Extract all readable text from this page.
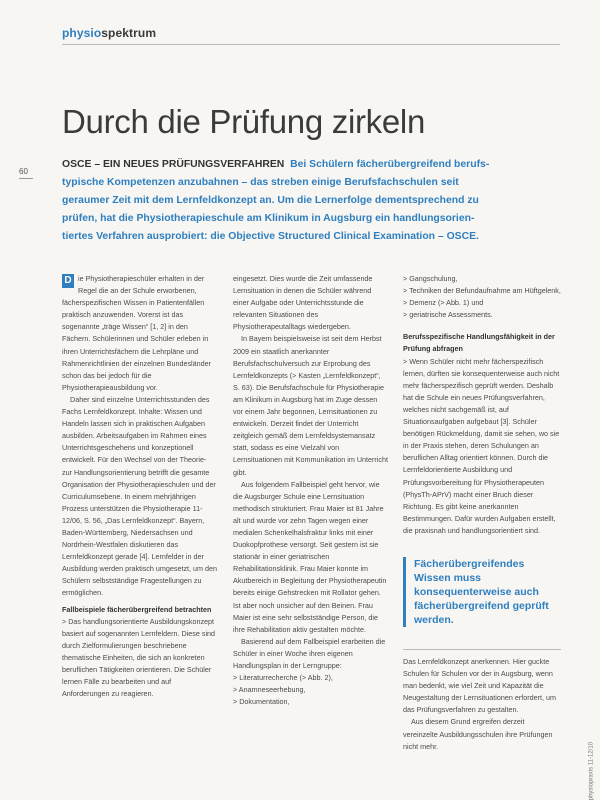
physiospektrum
60
Durch die Prüfung zirkeln
OSCE – EIN NEUES PRÜFUNGSVERFAHREN Bei Schülern fächerübergreifend berufstypische Kompetenzen anzubahnen – das streben einige Berufsfachschulen seit geraumer Zeit mit dem Lernfeldkonzept an. Um die Lernerfolge dementsprechend zu prüfen, hat die Physiotherapieschule am Klinikum in Augsburg ein handlungsorientiertes Verfahren ausprobiert: die Objective Structured Clinical Examination – OSCE.

D ie Physiotherapieschüler erhalten in der Regel die an der Schule erworbenen, fächerspezifischen Wissen in Patientenfällen praktisch anzuwenden. Vorerst ist das sogenannte „träge Wissen“ [1, 2] in den Fächern. Schülerinnen und Schüler erleben in ihren Unterrichtsfächern die Lehrpläne und Rahmenrichtlinien der einzelnen Bundesländer schon das bei jedoch für die Physiotherapieausbildung vor.

Daher sind einzelne Unterrichtsstunden des Fachs Lernfeldkonzept. Inhalte: Wissen und Handeln lassen sich in praktischen Aufgaben ausbilden. Arbeitsaufgaben im Rahmen eines Unterrichtsgeschehens und konzeptionell entwickelt. Für den Wechsel von der Theorie- zur Handlungsorientierung betrifft die gesamte Organisation der Physiotherapieschulen und der Curriculumsebene. In einem mehrjährigen Prozess unterstützen die Physiotherapie 11-12/06, S. 56, „Das Lernfeldkonzept“. Bayern, Baden-Württemberg, Niedersachsen und Nordrhein-Westfalen diskutieren das Lernfeldkonzept gerade [4]. Lernfelder in der Ausbildung werden praktisch umgesetzt, um den Schülern selbstständige Fragestellungen zu ermöglichen.

Fallbeispiele fächerübergreifend betrachten

> Das handlungsorientierte Ausbildungskonzept basiert auf sogenannten Lernfeldern. Diese sind durch Zielformulierungen beschriebene thematische Einheiten, die sich an konkreten beruflichen Tätigkeiten orientieren. Die Schüler lernen Fälle zu bearbeiten und auf Anforderungen zu reagieren.

eingesetzt. Dies wurde die Zeit umfassende Lernsituation in denen die Schüler während einer Aufgabe oder Unterrichtsstunde die relevanten Situationen des Physiotherapeutalltags wiedergeben.

In Bayern beispielsweise ist seit dem Herbst 2009 ein staatlich anerkannter Berufsfachschulversuch zur Erprobung des Lernfeldkonzepts (> Kasten „Lernfeldkonzept“, S. 63). Die Berufsfachschule für Physiotherapie am Klinikum in Augsburg hat im Zuge dessen vor einem Jahr begonnen, Lernsituationen zu entwickeln. Derzeit findet der Unterricht zeitgleich gemäß dem Lernfeldsystemansatz statt, sodass es eine Vielzahl von Lernsituationen mit Kommunikation im Unterricht gibt.

Aus folgendem Fallbeispiel geht hervor, wie die Augsburger Schule eine Lernsituation methodisch strukturiert. Frau Maier ist 81 Jahre alt und wurde vor zehn Tagen wegen einer medialen Schenkelhalsfraktur links mit einer Duokopfprothese versorgt. Seit gestern ist sie stationär in einer geriatrischen Rehabilitationsklinik. Frau Maier konnte im Akutbereich in Begleitung der Physiotherapeutin bereits einige Gehstrecken mit Rollator gehen. Ist aber noch unsicher auf den Beinen. Frau Maier ist eine sehr selbstständige Person, die ihre Rehabilitation aktiv gestalten möchte.

Basierend auf dem Fallbeispiel erarbeiten die Schüler in einer Woche ihren eigenen Handlungsplan in der Lerngruppe:

> Literaturrecherche (> Abb. 2),
> Anamneseerhebung,
> Dokumentation,
> Gangschulung,
> Techniken der Befundaufnahme am Hüftgelenk,
> Demenz (> Abb. 1) und
> geriatrische Assessments.

Berufsspezifische Handlungsfähigkeit in der Prüfung abfragen

> Wenn Schüler nicht mehr fächerspezifisch lernen, dürften sie konsequenterweise auch nicht mehr fächerspezifisch geprüft werden. Deshalb hat die Schule ein neues Prüfungsverfahren, welches nicht sachgemäß ist, auf Situationsaufgaben aufgebaut [3]. Schüler benötigen Rückmeldung, damit sie sehen, wo sie in der Praxis stehen, deren Schulungen an beruflichen Alltag orientiert können. Durch die Lernfeldorientierte Ausbildung und Prüfungsvorbereitung für Physiotherapeuten (PhysTh-APrV) macht einer Bruch dieser Richtung. Es gibt keine anerkannten Bestimmungen. Dafür wurden Aufgaben erstellt, die praxisnah und handlungsorientiert sind.

Fächerübergreifendes Wissen muss konsequenterweise auch fächerübergreifend geprüft werden.

Das Lernfeldkonzept anerkennen. Hier guckte Schulen für Schulen vor der in Augsburg, wenn man bedenkt, wie viel Zeit und Kapazität die Neugestaltung der Lernsituationen erfordert, um das Prüfungsverfahren zu gestalten.

Aus diesem Grund ergreifen derzeit vereinzelte Ausbildungsschulen ihre Prüfungen nicht mehr.	physiopraxis 11-12/10
